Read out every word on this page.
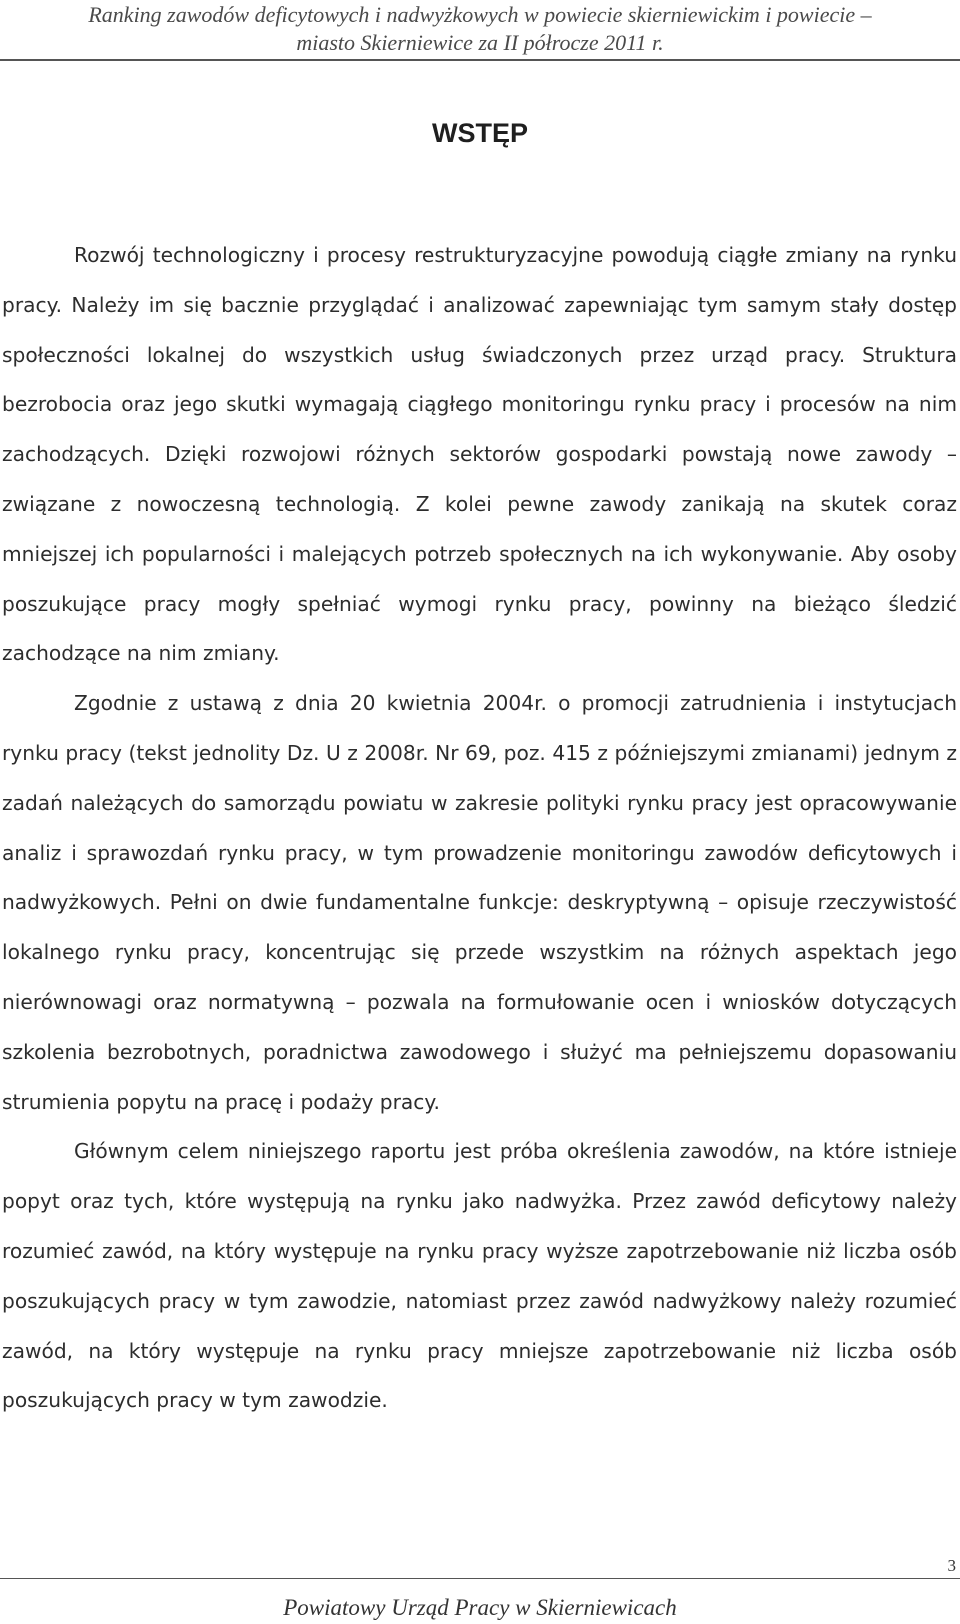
Ranking zawodów deficytowych i nadwyżkowych w powiecie skierniewickim i powiecie –
miasto Skierniewice za II półrocze 2011 r.
WSTĘP

Rozwój technologiczny i procesy restrukturyzacyjne powodują ciągłe zmiany na rynku pracy. Należy im się bacznie przyglądać i analizować zapewniając tym samym stały dostęp społeczności lokalnej do wszystkich usług świadczonych przez urząd pracy. Struktura bezrobocia oraz jego skutki wymagają ciągłego monitoringu rynku pracy i procesów na nim zachodzących. Dzięki rozwojowi różnych sektorów gospodarki powstają nowe zawody – związane z nowoczesną technologią. Z kolei pewne zawody zanikają na skutek coraz mniejszej ich popularności i malejących potrzeb społecznych na ich wykonywanie. Aby osoby poszukujące pracy mogły spełniać wymogi rynku pracy, powinny na bieżąco śledzić zachodzące na nim zmiany.

Zgodnie z ustawą z dnia 20 kwietnia 2004r. o promocji zatrudnienia i instytucjach rynku pracy (tekst jednolity Dz. U z 2008r. Nr 69, poz. 415 z późniejszymi zmianami) jednym z zadań należących do samorządu powiatu w zakresie polityki rynku pracy jest opracowywanie analiz i sprawozdań rynku pracy, w tym prowadzenie monitoringu zawodów deficytowych i nadwyżkowych. Pełni on dwie fundamentalne funkcje: deskryptywną – opisuje rzeczywistość lokalnego rynku pracy, koncentrując się przede wszystkim na różnych aspektach jego nierównowagi oraz normatywną – pozwala na formułowanie ocen i wniosków dotyczących szkolenia bezrobotnych, poradnictwa zawodowego i służyć ma pełniejszemu dopasowaniu strumienia popytu na pracę i podaży pracy.

Głównym celem niniejszego raportu jest próba określenia zawodów, na które istnieje popyt oraz tych, które występują na rynku jako nadwyżka. Przez zawód deficytowy należy rozumieć zawód, na który występuje na rynku pracy wyższe zapotrzebowanie niż liczba osób poszukujących pracy w tym zawodzie, natomiast przez zawód nadwyżkowy należy rozumieć zawód, na który występuje na rynku pracy mniejsze zapotrzebowanie niż liczba osób poszukujących pracy w tym zawodzie.

3
Powiatowy Urząd Pracy w Skierniewicach
